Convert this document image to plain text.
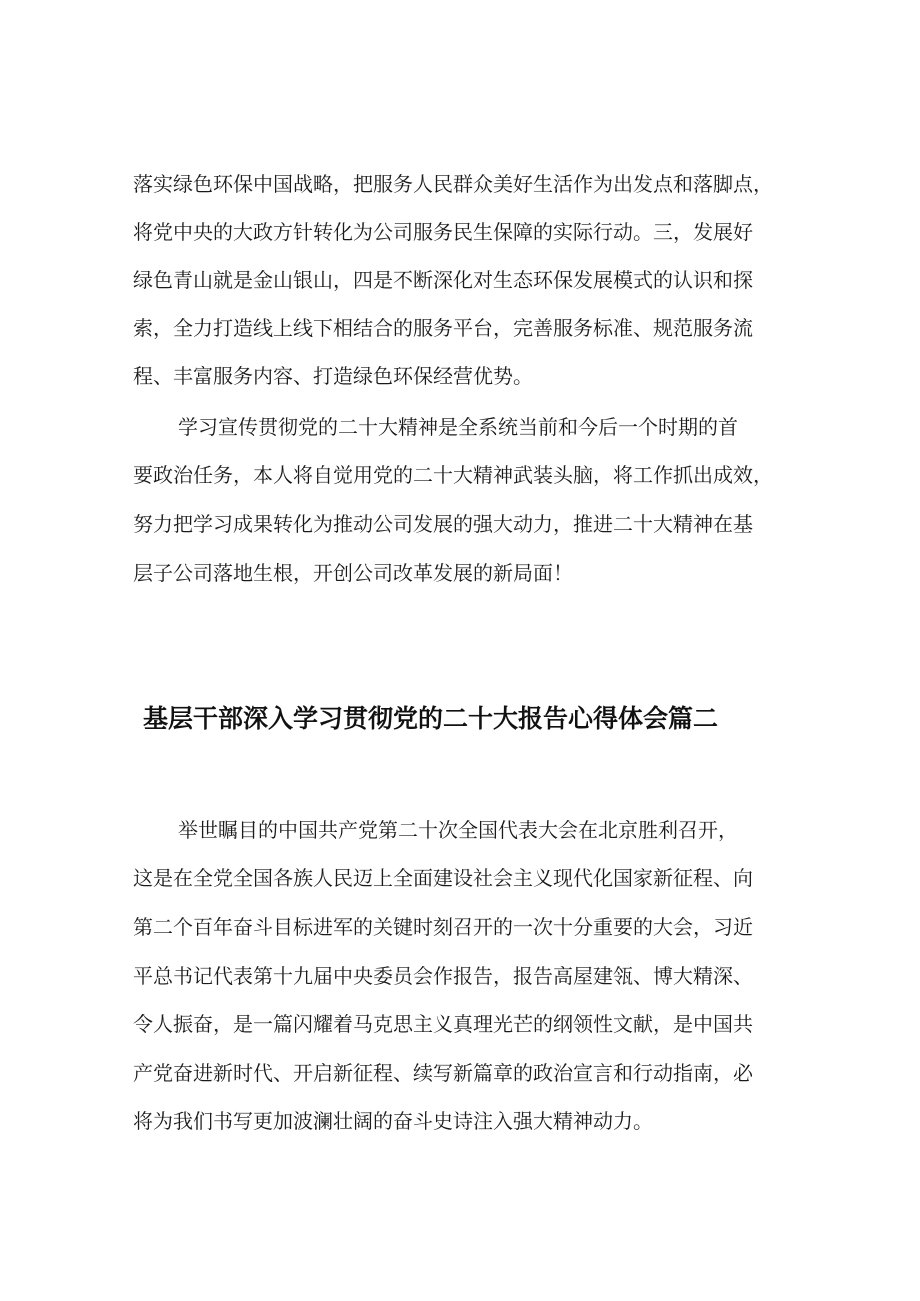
落实绿色环保中国战略，把服务人民群众美好生活作为出发点和落脚点，
将党中央的大政方针转化为公司服务民生保障的实际行动。三，发展好
绿色青山就是金山银山，四是不断深化对生态环保发展模式的认识和探
索，全力打造线上线下相结合的服务平台，完善服务标准、规范服务流
程、丰富服务内容、打造绿色环保经营优势。
学习宣传贯彻党的二十大精神是全系统当前和今后一个时期的首
要政治任务，本人将自觉用党的二十大精神武装头脑，将工作抓出成效，
努力把学习成果转化为推动公司发展的强大动力，推进二十大精神在基
层子公司落地生根，开创公司改革发展的新局面！
基层干部深入学习贯彻党的二十大报告心得体会篇二
举世瞩目的中国共产党第二十次全国代表大会在北京胜利召开，
这是在全党全国各族人民迈上全面建设社会主义现代化国家新征程、向
第二个百年奋斗目标进军的关键时刻召开的一次十分重要的大会，习近
平总书记代表第十九届中央委员会作报告，报告高屋建瓴、博大精深、
令人振奋，是一篇闪耀着马克思主义真理光芒的纲领性文献，是中国共
产党奋进新时代、开启新征程、续写新篇章的政治宣言和行动指南，必
将为我们书写更加波澜壮阔的奋斗史诗注入强大精神动力。
